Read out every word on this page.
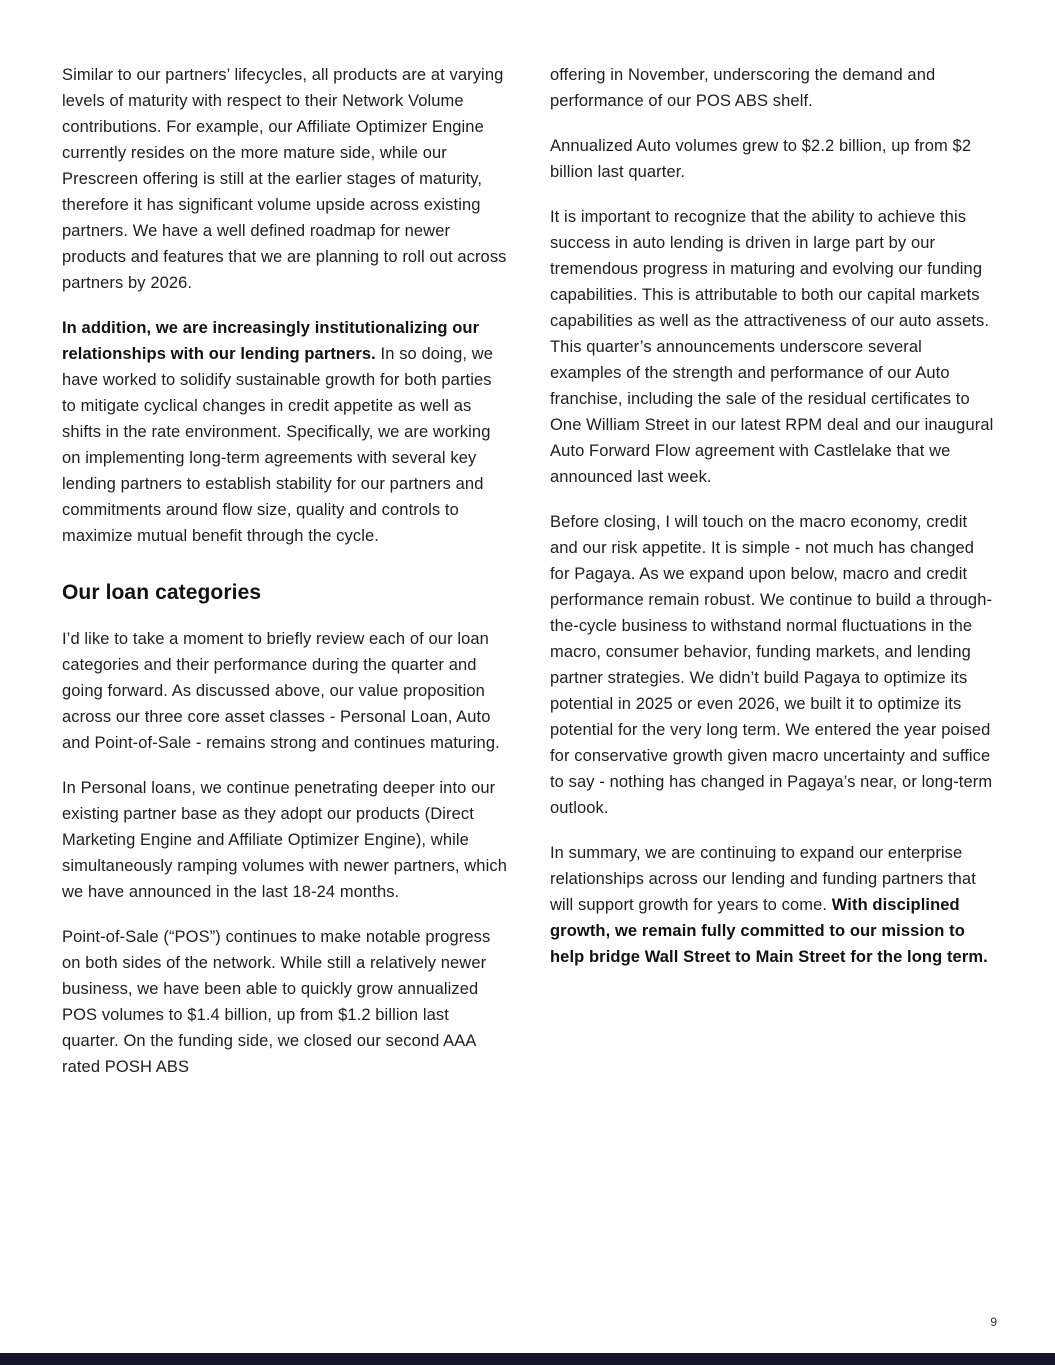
Similar to our partners’ lifecycles, all products are at varying levels of maturity with respect to their Network Volume contributions. For example, our Affiliate Optimizer Engine currently resides on the more mature side, while our Prescreen offering is still at the earlier stages of maturity, therefore it has significant volume upside across existing partners. We have a well defined roadmap for newer products and features that we are planning to roll out across partners by 2026.

In addition, we are increasingly institutionalizing our relationships with our lending partners. In so doing, we have worked to solidify sustainable growth for both parties to mitigate cyclical changes in credit appetite as well as shifts in the rate environment. Specifically, we are working on implementing long-term agreements with several key lending partners to establish stability for our partners and commitments around flow size, quality and controls to maximize mutual benefit through the cycle.

Our loan categories

I’d like to take a moment to briefly review each of our loan categories and their performance during the quarter and going forward. As discussed above, our value proposition across our three core asset classes - Personal Loan, Auto and Point-of-Sale - remains strong and continues maturing.

In Personal loans, we continue penetrating deeper into our existing partner base as they adopt our products (Direct Marketing Engine and Affiliate Optimizer Engine), while simultaneously ramping volumes with newer partners, which we have announced in the last 18-24 months.

Point-of-Sale (“POS”) continues to make notable progress on both sides of the network. While still a relatively newer business, we have been able to quickly grow annualized POS volumes to $1.4 billion, up from $1.2 billion last quarter. On the funding side, we closed our second AAA rated POSH ABS

offering in November, underscoring the demand and performance of our POS ABS shelf.

Annualized Auto volumes grew to $2.2 billion, up from $2 billion last quarter.

It is important to recognize that the ability to achieve this success in auto lending is driven in large part by our tremendous progress in maturing and evolving our funding capabilities. This is attributable to both our capital markets capabilities as well as the attractiveness of our auto assets. This quarter’s announcements underscore several examples of the strength and performance of our Auto franchise, including the sale of the residual certificates to One William Street in our latest RPM deal and our inaugural Auto Forward Flow agreement with Castlelake that we announced last week.

Before closing, I will touch on the macro economy, credit and our risk appetite. It is simple - not much has changed for Pagaya. As we expand upon below, macro and credit performance remain robust. We continue to build a through-the-cycle business to withstand normal fluctuations in the macro, consumer behavior, funding markets, and lending partner strategies. We didn’t build Pagaya to optimize its potential in 2025 or even 2026, we built it to optimize its potential for the very long term. We entered the year poised for conservative growth given macro uncertainty and suffice to say - nothing has changed in Pagaya’s near, or long-term outlook.

In summary, we are continuing to expand our enterprise relationships across our lending and funding partners that will support growth for years to come. With disciplined growth, we remain fully committed to our mission to help bridge Wall Street to Main Street for the long term.

9
